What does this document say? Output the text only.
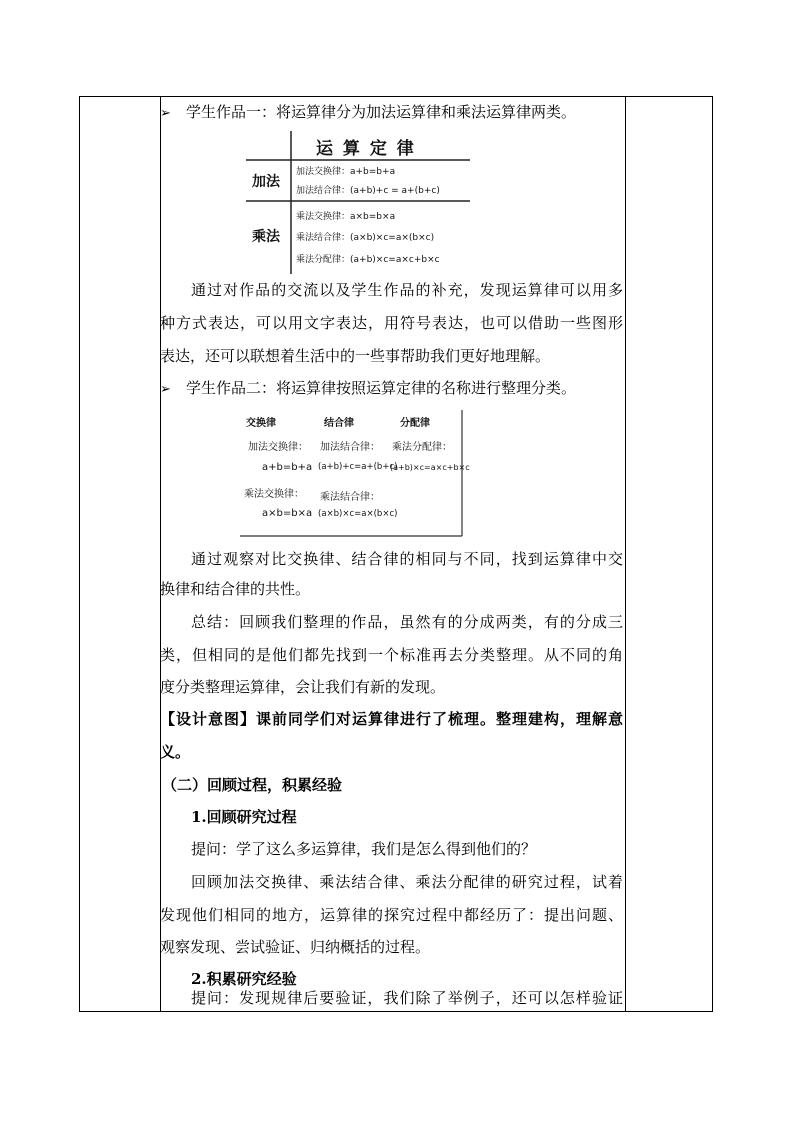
➢ 学生作品一：将运算律分为加法运算律和乘法运算律两类。
运 算 定 律
加法
加法交换律：a+b=b+a
加法结合律：(a+b)+c = a+(b+c)
乘法
乘法交换律：a×b=b×a
乘法结合律：(a×b)×c=a×(b×c)
乘法分配律：(a+b)×c=a×c+b×c
通过对作品的交流以及学生作品的补充，发现运算律可以用多
种方式表达，可以用文字表达，用符号表达，也可以借助一些图形
表达，还可以联想着生活中的一些事帮助我们更好地理解。
➢ 学生作品二：将运算律按照运算定律的名称进行整理分类。
交换律
加法交换律：
a+b=b+a
乘法交换律：
a×b=b×a
结合律
加法结合律：
(a+b)+c=a+(b+c)
乘法结合律：
(a×b)×c=a×(b×c)
分配律
乘法分配律：
(a+b)×c=a×c+b×c
通过观察对比交换律、结合律的相同与不同，找到运算律中交
换律和结合律的共性。
总结：回顾我们整理的作品，虽然有的分成两类，有的分成三
类，但相同的是他们都先找到一个标准再去分类整理。从不同的角
度分类整理运算律，会让我们有新的发现。
【设计意图】课前同学们对运算律进行了梳理。整理建构，理解意
义。
（二）回顾过程，积累经验
1.回顾研究过程
提问：学了这么多运算律，我们是怎么得到他们的？
回顾加法交换律、乘法结合律、乘法分配律的研究过程，试着
发现他们相同的地方，运算律的探究过程中都经历了：提出问题、
观察发现、尝试验证、归纳概括的过程。
2.积累研究经验
提问：发现规律后要验证，我们除了举例子，还可以怎样验证
